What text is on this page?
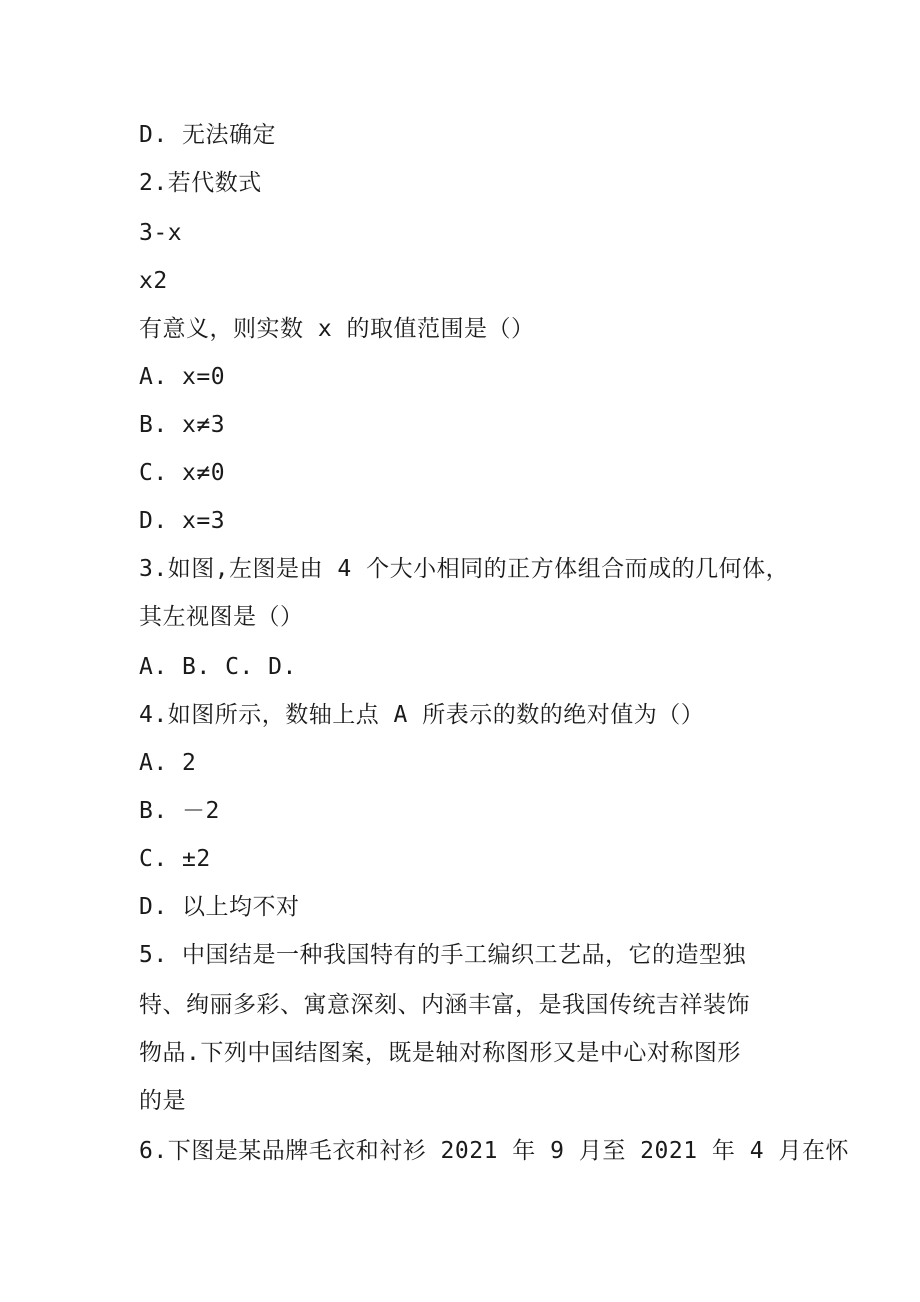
D. 无法确定
2.若代数式
3-x
x2
有意义，则实数 x 的取值范围是（）
A. x=0
B. x≠3
C. x≠0
D. x=3
3.如图,左图是由 4 个大小相同的正方体组合而成的几何体，
其左视图是（）
A. B. C. D.
4.如图所示，数轴上点 A 所表示的数的绝对值为（）
A. 2
B. －2
C. ±2
D. 以上均不对
5. 中国结是一种我国特有的手工编织工艺品，它的造型独
特、绚丽多彩、寓意深刻、内涵丰富，是我国传统吉祥装饰
物品.下列中国结图案，既是轴对称图形又是中心对称图形
的是
6.下图是某品牌毛衣和衬衫 2021 年 9 月至 2021 年 4 月在怀
